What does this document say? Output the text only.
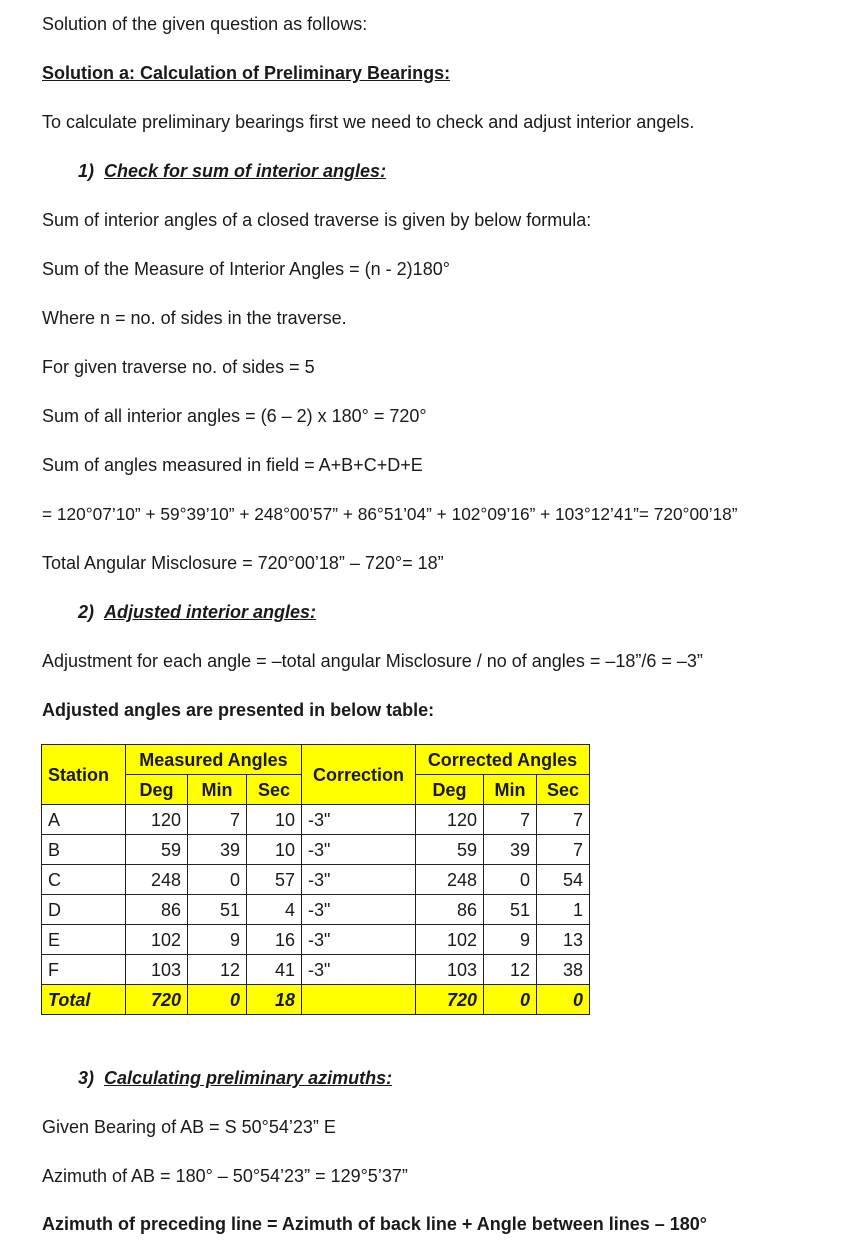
Solution of the given question as follows:
Solution a: Calculation of Preliminary Bearings:
To calculate preliminary bearings first we need to check and adjust interior angels.
1) Check for sum of interior angles:
Sum of interior angles of a closed traverse is given by below formula:
Sum of the Measure of Interior Angles = (n - 2)180°
Where n = no. of sides in the traverse.
For given traverse no. of sides = 5
Sum of all interior angles = (6 – 2) x 180° = 720°
Sum of angles measured in field = A+B+C+D+E
= 120°07’10” + 59°39’10” + 248°00’57” + 86°51’04” + 102°09’16” + 103°12’41”= 720°00’18”
Total Angular Misclosure = 720°00’18” – 720°= 18”
2) Adjusted interior angles:
Adjustment for each angle = –total angular Misclosure / no of angles = –18”/6 = –3”
Adjusted angles are presented in below table:
Station	Measured Angles			Correction	Corrected Angles		
	Deg	Min	Sec		Deg	Min	Sec
A	120	7	10	-3"	120	7	7
B	59	39	10	-3"	59	39	7
C	248	0	57	-3"	248	0	54
D	86	51	4	-3"	86	51	1
E	102	9	16	-3"	102	9	13
F	103	12	41	-3"	103	12	38
Total	720	0	18		720	0	0
3) Calculating preliminary azimuths:
Given Bearing of AB = S 50°54’23” E
Azimuth of AB = 180° – 50°54’23” = 129°5’37”
Azimuth of preceding line = Azimuth of back line + Angle between lines – 180°
